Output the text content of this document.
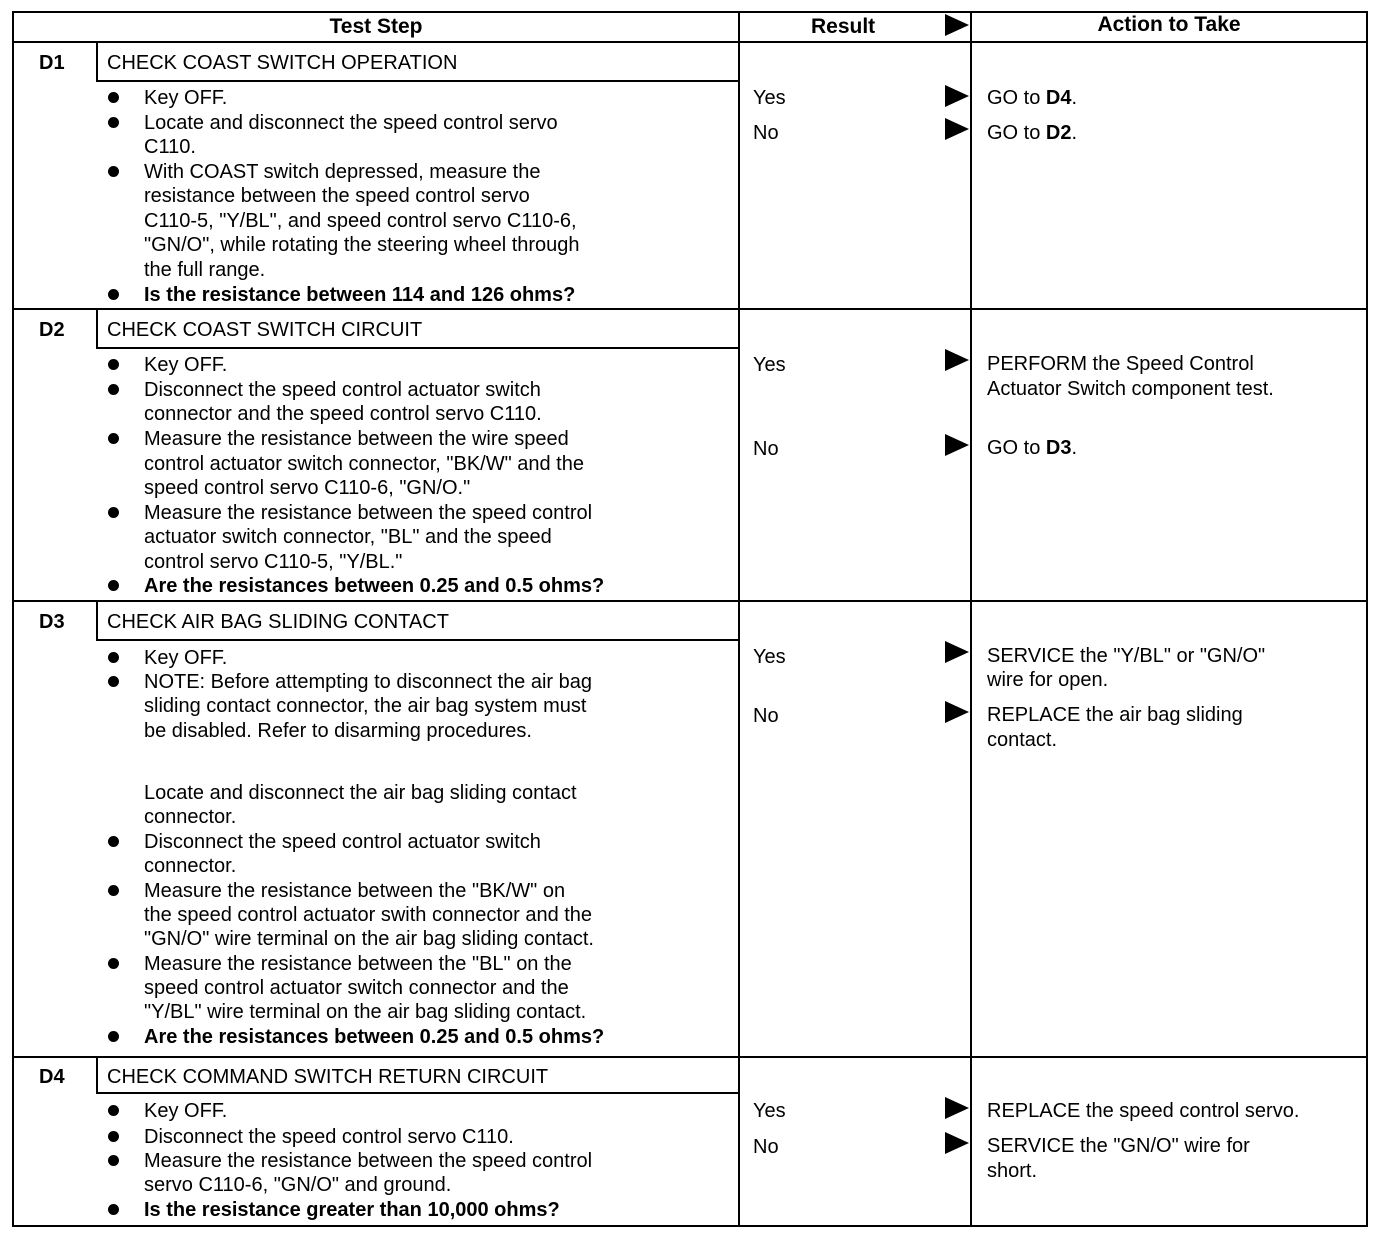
Test Step	Result	Action to Take
D1 CHECK COAST SWITCH OPERATION
Key OFF.
Locate and disconnect the speed control servo
C110.
With COAST switch depressed, measure the
resistance between the speed control servo
C110-5, "Y/BL", and speed control servo C110-6,
"GN/O", while rotating the steering wheel through
the full range.
Is the resistance between 114 and 126 ohms?
Yes	GO to D4.
No	GO to D2.
D2 CHECK COAST SWITCH CIRCUIT
Key OFF.
Disconnect the speed control actuator switch
connector and the speed control servo C110.
Measure the resistance between the wire speed
control actuator switch connector, "BK/W" and the
speed control servo C110-6, "GN/O."
Measure the resistance between the speed control
actuator switch connector, "BL" and the speed
control servo C110-5, "Y/BL."
Are the resistances between 0.25 and 0.5 ohms?
Yes	PERFORM the Speed Control
Actuator Switch component test.
No	GO to D3.
D3 CHECK AIR BAG SLIDING CONTACT
Key OFF.
NOTE: Before attempting to disconnect the air bag
sliding contact connector, the air bag system must
be disabled. Refer to disarming procedures.
Locate and disconnect the air bag sliding contact
connector.
Disconnect the speed control actuator switch
connector.
Measure the resistance between the "BK/W" on
the speed control actuator swith connector and the
"GN/O" wire terminal on the air bag sliding contact.
Measure the resistance between the "BL" on the
speed control actuator switch connector and the
"Y/BL" wire terminal on the air bag sliding contact.
Are the resistances between 0.25 and 0.5 ohms?
Yes	SERVICE the "Y/BL" or "GN/O"
wire for open.
No	REPLACE the air bag sliding
contact.
D4 CHECK COMMAND SWITCH RETURN CIRCUIT
Key OFF.
Disconnect the speed control servo C110.
Measure the resistance between the speed control
servo C110-6, "GN/O" and ground.
Is the resistance greater than 10,000 ohms?
Yes	REPLACE the speed control servo.
No	SERVICE the "GN/O" wire for
short.
